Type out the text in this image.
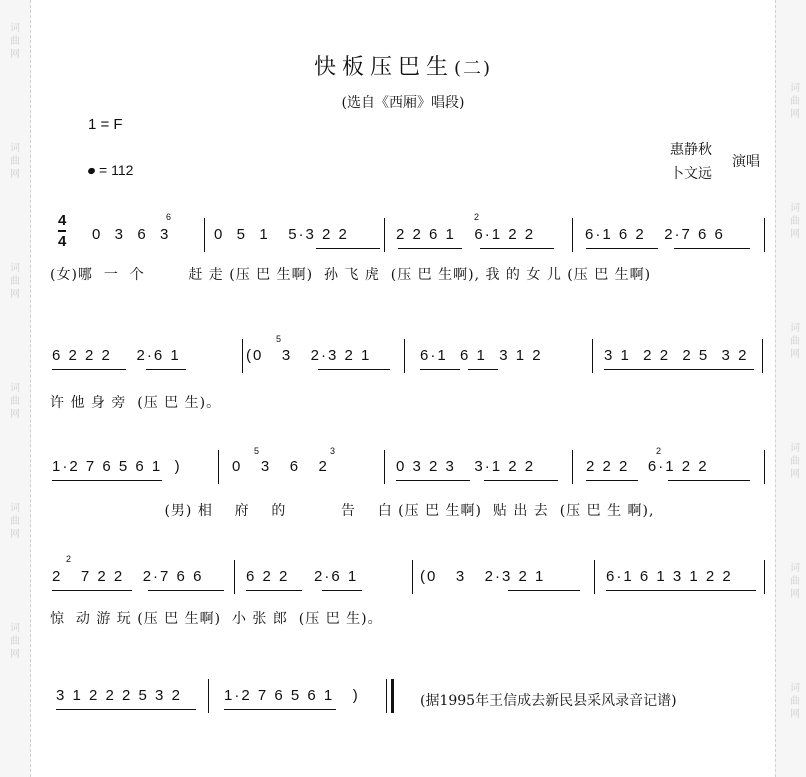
词曲网
词曲网
词曲网
词曲网
词曲网
词曲网
词曲网
词曲网
词曲网
词曲网
词曲网
词曲网
快板压巴生(二)
(选自《西厢》唱段)
1 = F
= 112
惠静秋
卜文远
演唱
4
4 0  3  6  3	0  5  1   5·3 2 2	2 2 6 1   6·1 2 2	6·1 6 2   2·7 6 6
6	2
(女)哪  一  个        赶 走 (压 巴 生啊)  孙 飞 虎  (压 巴 生啊), 我 的 女 儿 (压 巴 生啊)
6 2 2 2    2·6 1	(0   3   2·3 2 1	6·1  6 1  3 1 2	3 1  2 2  2 5  3 2
5
许 他 身 旁  (压 巴 生)。
1·2 7 6 5 6 1  )	0   3   6   2	0 3 2 3   3·1 2 2	2 2 2   6·1 2 2
5	3	2
(男) 相    府    的          告    白 (压 巴 生啊)  贴 出 去  (压 巴 生 啊),
2   7 2 2   2·7 6 6	6 2 2    2·6 1	(0   3   2·3 2 1	6·1 6 1 3 1 2 2
2
惊  动 游 玩 (压 巴 生啊)  小 张 郎  (压 巴 生)。
3 1 2 2 2 5 3 2	1·2 7 6 5 6 1   )	(据1995年王信成去新民县采风录音记谱)
